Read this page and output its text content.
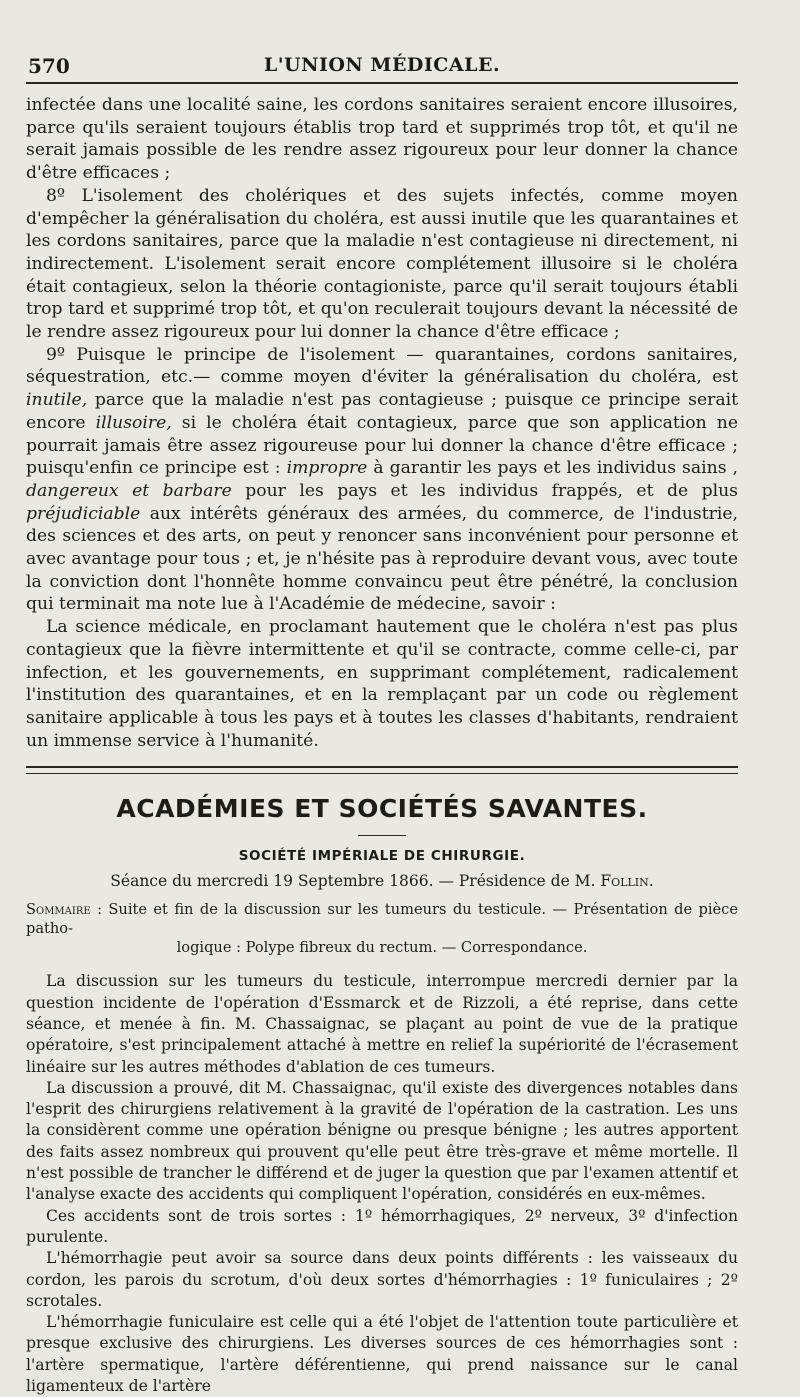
570	L'UNION MÉDICALE.

infectée dans une localité saine, les cordons sanitaires seraient encore illusoires, parce qu'ils seraient toujours établis trop tard et supprimés trop tôt, et qu'il ne serait jamais possible de les rendre assez rigoureux pour leur donner la chance d'être efficaces ;

8º L'isolement des cholériques et des sujets infectés, comme moyen d'empêcher la généralisation du choléra, est aussi inutile que les quarantaines et les cordons sanitaires, parce que la maladie n'est contagieuse ni directement, ni indirectement. L'isolement serait encore complétement illusoire si le choléra était contagieux, selon la théorie contagioniste, parce qu'il serait toujours établi trop tard et supprimé trop tôt, et qu'on reculerait toujours devant la nécessité de le rendre assez rigoureux pour lui donner la chance d'être efficace ;

9º Puisque le principe de l'isolement — quarantaines, cordons sanitaires, séquestration, etc.— comme moyen d'éviter la généralisation du choléra, est inutile, parce que la maladie n'est pas contagieuse ; puisque ce principe serait encore illusoire, si le choléra était contagieux, parce que son application ne pourrait jamais être assez rigoureuse pour lui donner la chance d'être efficace ; puisqu'enfin ce principe est : impropre à garantir les pays et les individus sains , dangereux et barbare pour les pays et les individus frappés, et de plus préjudiciable aux intérêts généraux des armées, du commerce, de l'industrie, des sciences et des arts, on peut y renoncer sans inconvénient pour personne et avec avantage pour tous ; et, je n'hésite pas à reproduire devant vous, avec toute la conviction dont l'honnête homme convaincu peut être pénétré, la conclusion qui terminait ma note lue à l'Académie de médecine, savoir :

La science médicale, en proclamant hautement que le choléra n'est pas plus contagieux que la fièvre intermittente et qu'il se contracte, comme celle-ci, par infection, et les gouvernements, en supprimant complétement, radicalement l'institution des quarantaines, et en la remplaçant par un code ou règlement sanitaire applicable à tous les pays et à toutes les classes d'habitants, rendraient un immense service à l'humanité.

ACADÉMIES ET SOCIÉTÉS SAVANTES.
SOCIÉTÉ IMPÉRIALE DE CHIRURGIE.
Séance du mercredi 19 Septembre 1866. — Présidence de M. Follin.
Sommaire : Suite et fin de la discussion sur les tumeurs du testicule. — Présentation de pièce patho-
logique : Polype fibreux du rectum. — Correspondance.

La discussion sur les tumeurs du testicule, interrompue mercredi dernier par la question incidente de l'opération d'Essmarck et de Rizzoli, a été reprise, dans cette séance, et menée à fin. M. Chassaignac, se plaçant au point de vue de la pratique opératoire, s'est principalement attaché à mettre en relief la supériorité de l'écrasement linéaire sur les autres méthodes d'ablation de ces tumeurs.

La discussion a prouvé, dit M. Chassaignac, qu'il existe des divergences notables dans l'esprit des chirurgiens relativement à la gravité de l'opération de la castration. Les uns la considèrent comme une opération bénigne ou presque bénigne ; les autres apportent des faits assez nombreux qui prouvent qu'elle peut être très-grave et même mortelle. Il n'est possible de trancher le différend et de juger la question que par l'examen attentif et l'analyse exacte des accidents qui compliquent l'opération, considérés en eux-mêmes.

Ces accidents sont de trois sortes : 1º hémorrhagiques, 2º nerveux, 3º d'infection purulente.

L'hémorrhagie peut avoir sa source dans deux points différents : les vaisseaux du cordon, les parois du scrotum, d'où deux sortes d'hémorrhagies : 1º funiculaires ; 2º scrotales.

L'hémorrhagie funiculaire est celle qui a été l'objet de l'attention toute particulière et presque exclusive des chirurgiens. Les diverses sources de ces hémorrhagies sont : l'artère spermatique, l'artère déférentienne, qui prend naissance sur le canal ligamenteux de l'artère
